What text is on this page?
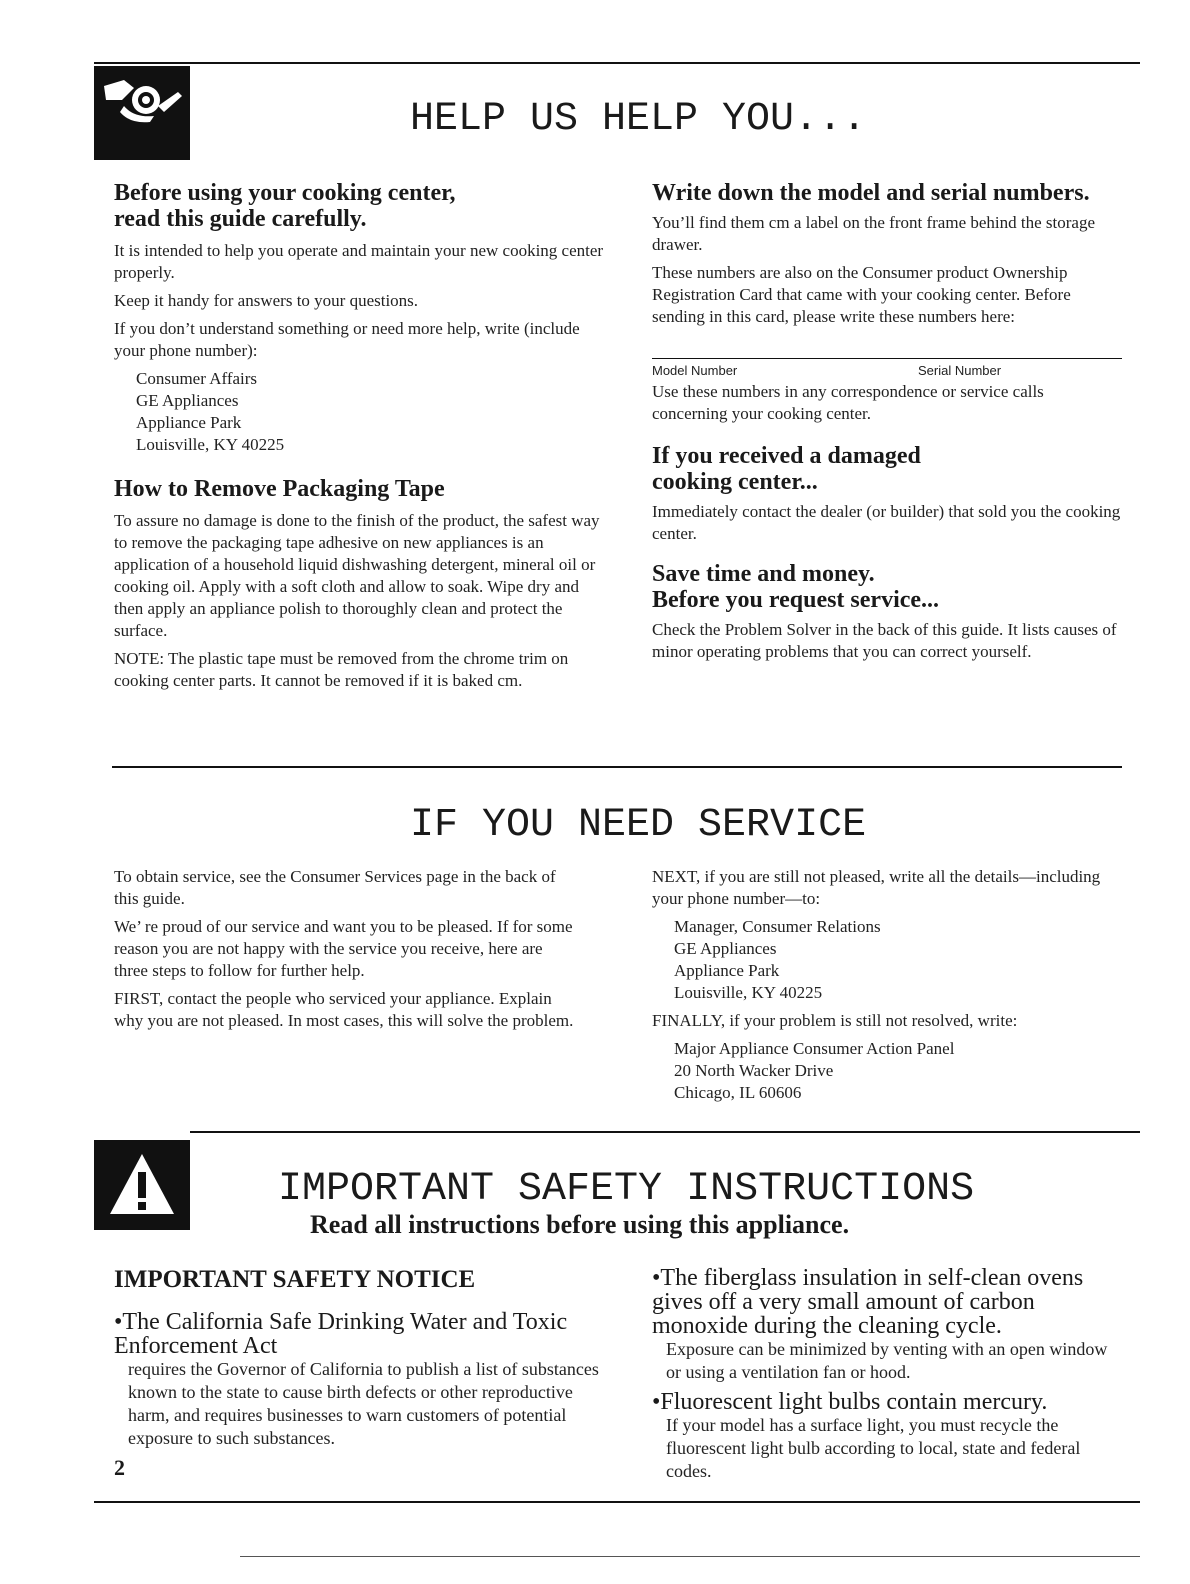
HELP US HELP YOU...
Before using your cooking center,
read this guide carefully.

It is intended to help you operate and maintain your new cooking center properly.

Keep it handy for answers to your questions.

If you don’t understand something or need more help, write (include your phone number):

Consumer Affairs
GE Appliances
Appliance Park
Louisville, KY 40225
How to Remove Packaging Tape

To assure no damage is done to the finish of the product, the safest way to remove the packaging tape adhesive on new appliances is an application of a household liquid dishwashing detergent, mineral oil or cooking oil. Apply with a soft cloth and allow to soak. Wipe dry and then apply an appliance polish to thoroughly clean and protect the surface.

NOTE: The plastic tape must be removed from the chrome trim on cooking center parts. It cannot be removed if it is baked cm.

Write down the model and serial numbers.

You’ll find them cm a label on the front frame behind the storage drawer.

These numbers are also on the Consumer product Ownership Registration Card that came with your cooking center. Before sending in this card, please write these numbers here:

Model Number	Serial Number

Use these numbers in any correspondence or service calls concerning your cooking center.

If you received a damaged
cooking center...

Immediately contact the dealer (or builder) that sold you the cooking center.

Save time and money.
Before you request service...

Check the Problem Solver in the back of this guide. It lists causes of minor operating problems that you can correct yourself.

IF YOU NEED SERVICE

To obtain service, see the Consumer Services page in the back of this guide.

We’ re proud of our service and want you to be pleased. If for some reason you are not happy with the service you receive, here are three steps to follow for further help.

FIRST, contact the people who serviced your appliance. Explain why you are not pleased. In most cases, this will solve the problem.

NEXT, if you are still not pleased, write all the details—including your phone number—to:

Manager, Consumer Relations
GE Appliances
Appliance Park
Louisville, KY 40225

FINALLY, if your problem is still not resolved, write:

Major Appliance Consumer Action Panel
20 North Wacker Drive
Chicago, IL 60606
IMPORTANT SAFETY INSTRUCTIONS
Read all instructions before using this appliance.
IMPORTANT SAFETY NOTICE
•The California Safe Drinking Water and Toxic Enforcement Act
requires the Governor of California to publish a list of substances known to the state to cause birth defects or other reproductive harm, and requires businesses to warn customers of potential exposure to such substances.
2
•The fiberglass insulation in self-clean ovens gives off a very small amount of carbon monoxide during the cleaning cycle.
Exposure can be minimized by venting with an open window or using a ventilation fan or hood.
•Fluorescent light bulbs contain mercury.
If your model has a surface light, you must recycle the fluorescent light bulb according to local, state and federal codes.
